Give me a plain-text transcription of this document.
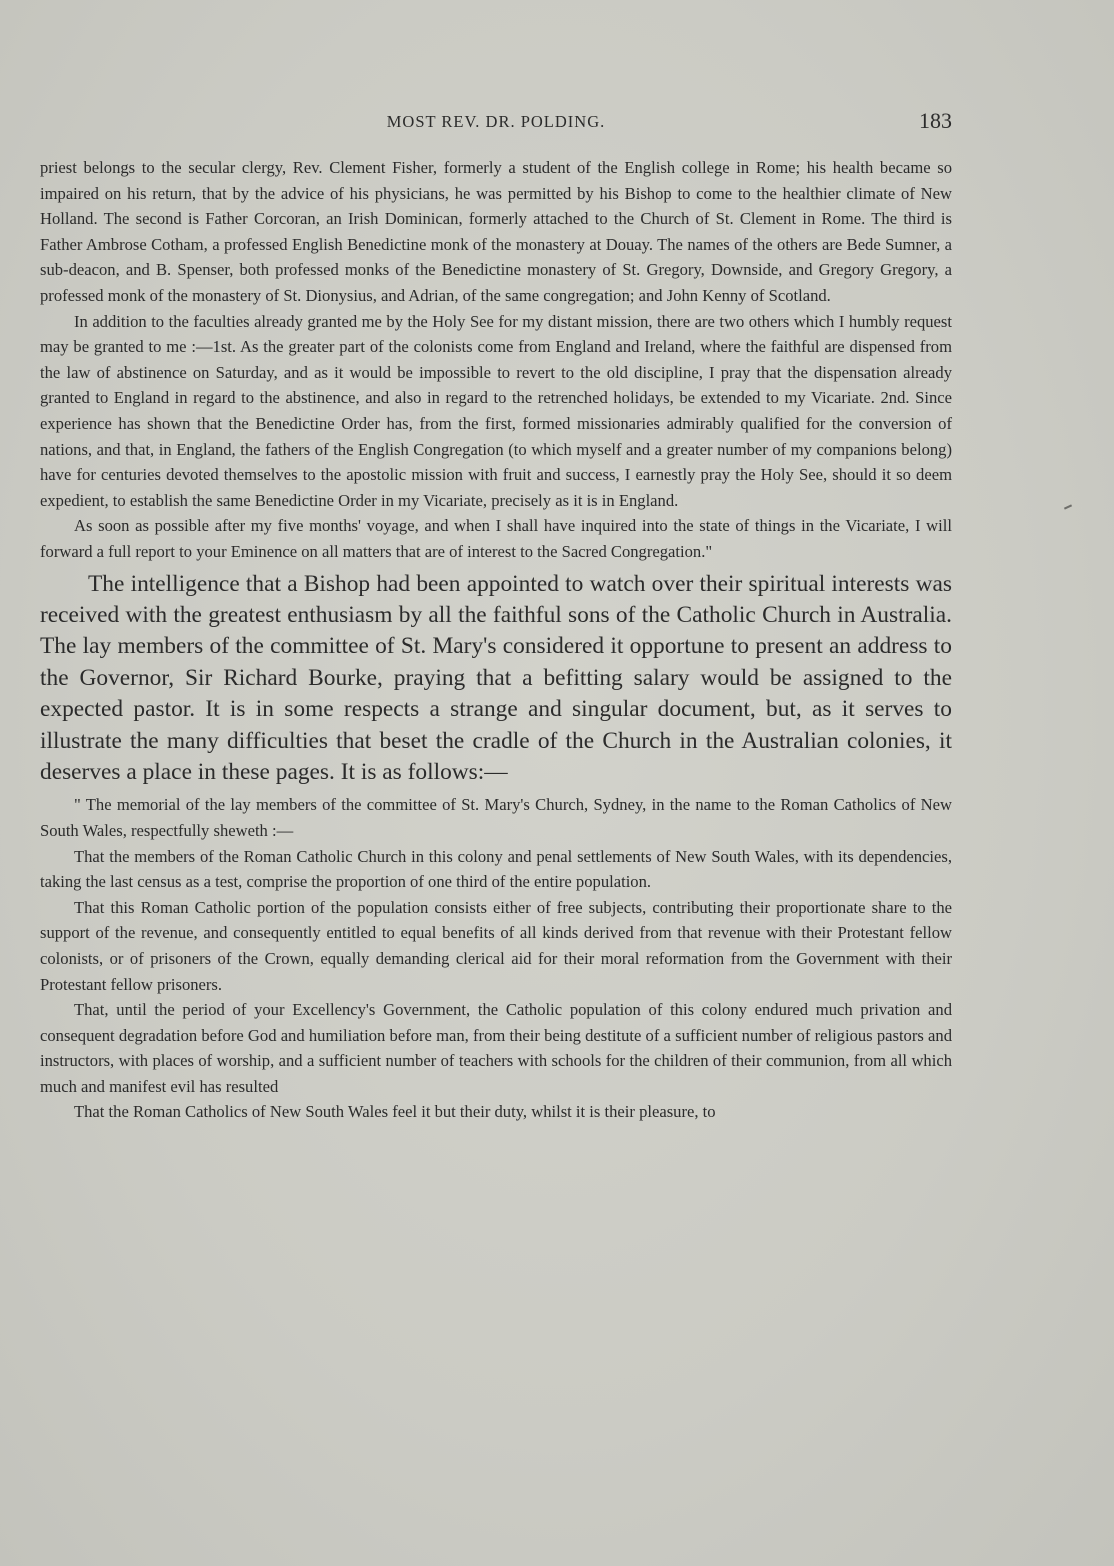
MOST REV. DR. POLDING.	183

priest belongs to the secular clergy, Rev. Clement Fisher, formerly a student of the English college in Rome; his health became so impaired on his return, that by the advice of his physicians, he was permitted by his Bishop to come to the healthier climate of New Holland. The second is Father Corcoran, an Irish Dominican, formerly attached to the Church of St. Clement in Rome. The third is Father Ambrose Cotham, a professed English Benedictine monk of the monastery at Douay. The names of the others are Bede Sumner, a sub-deacon, and B. Spenser, both professed monks of the Benedictine monastery of St. Gregory, Downside, and Gregory Gregory, a professed monk of the monastery of St. Dionysius, and Adrian, of the same congregation; and John Kenny of Scotland.

In addition to the faculties already granted me by the Holy See for my distant mission, there are two others which I humbly request may be granted to me :—1st. As the greater part of the colonists come from England and Ireland, where the faithful are dispensed from the law of abstinence on Saturday, and as it would be impossible to revert to the old discipline, I pray that the dispensation already granted to England in regard to the abstinence, and also in regard to the retrenched holidays, be extended to my Vicariate. 2nd. Since experience has shown that the Benedictine Order has, from the first, formed missionaries admirably qualified for the conversion of nations, and that, in England, the fathers of the English Congregation (to which myself and a greater number of my companions belong) have for centuries devoted themselves to the apostolic mission with fruit and success, I earnestly pray the Holy See, should it so deem expedient, to establish the same Benedictine Order in my Vicariate, precisely as it is in England.

As soon as possible after my five months' voyage, and when I shall have inquired into the state of things in the Vicariate, I will forward a full report to your Eminence on all matters that are of interest to the Sacred Congregation."

The intelligence that a Bishop had been appointed to watch over their spiritual interests was received with the greatest enthusiasm by all the faithful sons of the Catholic Church in Australia. The lay members of the committee of St. Mary's considered it opportune to present an address to the Governor, Sir Richard Bourke, praying that a befitting salary would be assigned to the expected pastor. It is in some respects a strange and singular document, but, as it serves to illustrate the many difficulties that beset the cradle of the Church in the Australian colonies, it deserves a place in these pages. It is as follows:—

" The memorial of the lay members of the committee of St. Mary's Church, Sydney, in the name to the Roman Catholics of New South Wales, respectfully sheweth :—

That the members of the Roman Catholic Church in this colony and penal settlements of New South Wales, with its dependencies, taking the last census as a test, comprise the proportion of one third of the entire population.

That this Roman Catholic portion of the population consists either of free subjects, contributing their proportionate share to the support of the revenue, and consequently entitled to equal benefits of all kinds derived from that revenue with their Protestant fellow colonists, or of prisoners of the Crown, equally demanding clerical aid for their moral reformation from the Government with their Protestant fellow prisoners.

That, until the period of your Excellency's Government, the Catholic population of this colony endured much privation and consequent degradation before God and humiliation before man, from their being destitute of a sufficient number of religious pastors and instructors, with places of worship, and a sufficient number of teachers with schools for the children of their communion, from all which much and manifest evil has resulted

That the Roman Catholics of New South Wales feel it but their duty, whilst it is their pleasure, to
